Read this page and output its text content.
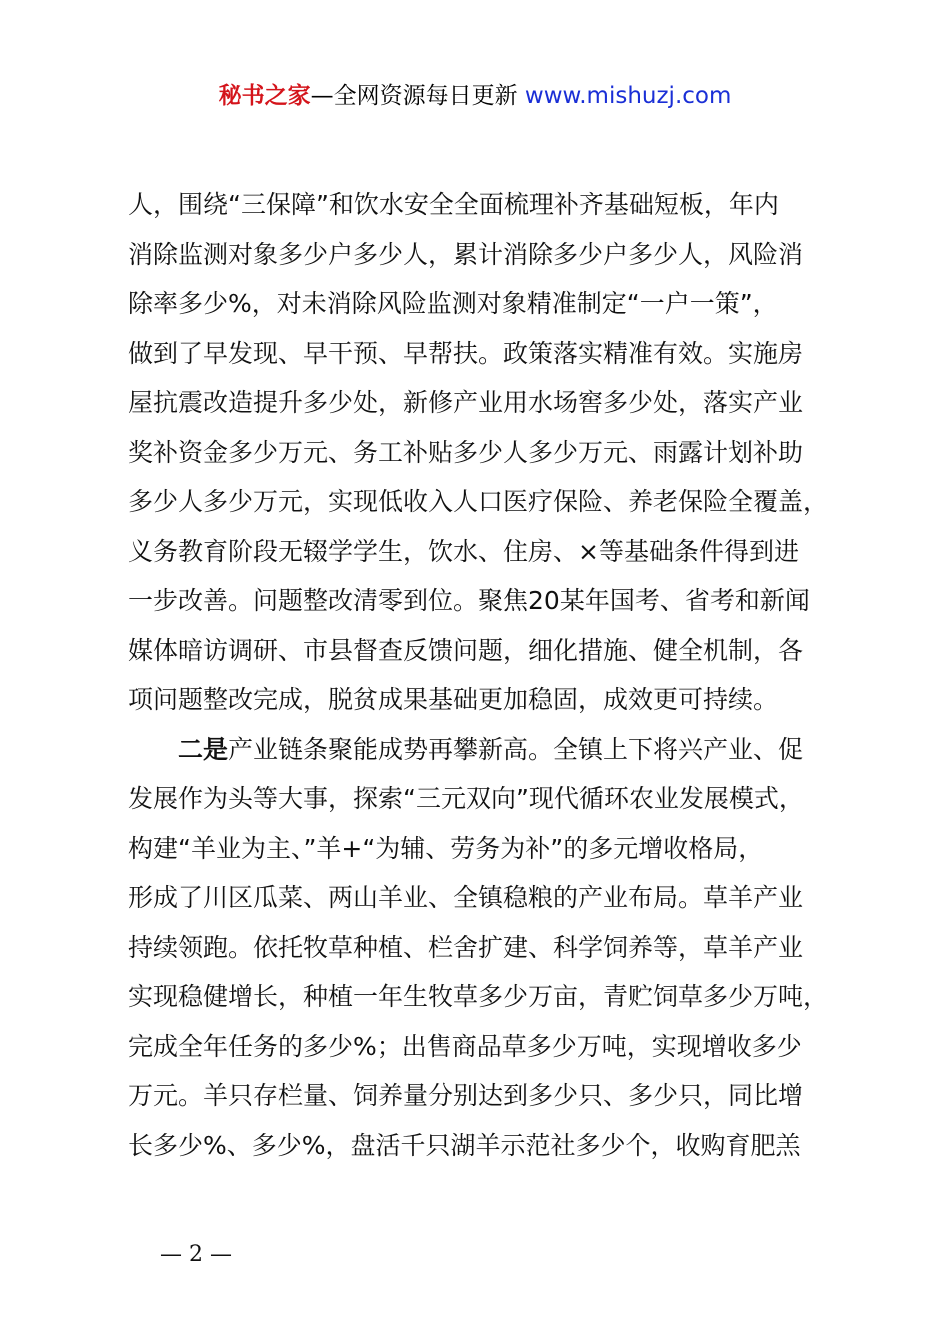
秘书之家—全网资源每日更新 www.mishuzj.com
人，围绕“三保障”和饮水安全全面梳理补齐基础短板，年内
消除监测对象多少户多少人，累计消除多少户多少人，风险消
除率多少%，对未消除风险监测对象精准制定“一户一策”，
做到了早发现、早干预、早帮扶。政策落实精准有效。实施房
屋抗震改造提升多少处，新修产业用水场窖多少处，落实产业
奖补资金多少万元、务工补贴多少人多少万元、雨露计划补助
多少人多少万元，实现低收入人口医疗保险、养老保险全覆盖，
义务教育阶段无辍学学生，饮水、住房、×等基础条件得到进
一步改善。问题整改清零到位。聚焦20某年国考、省考和新闻
媒体暗访调研、市县督查反馈问题，细化措施、健全机制，各
项问题整改完成，脱贫成果基础更加稳固，成效更可持续。
二是产业链条聚能成势再攀新高。全镇上下将兴产业、促
发展作为头等大事，探索“三元双向”现代循环农业发展模式，
构建“羊业为主、”羊+“为辅、劳务为补”的多元增收格局，
形成了川区瓜菜、两山羊业、全镇稳粮的产业布局。草羊产业
持续领跑。依托牧草种植、栏舍扩建、科学饲养等，草羊产业
实现稳健增长，种植一年生牧草多少万亩，青贮饲草多少万吨，
完成全年任务的多少%；出售商品草多少万吨，实现增收多少
万元。羊只存栏量、饲养量分别达到多少只、多少只，同比增
长多少%、多少%，盘活千只湖羊示范社多少个，收购育肥羔
— 2 —
